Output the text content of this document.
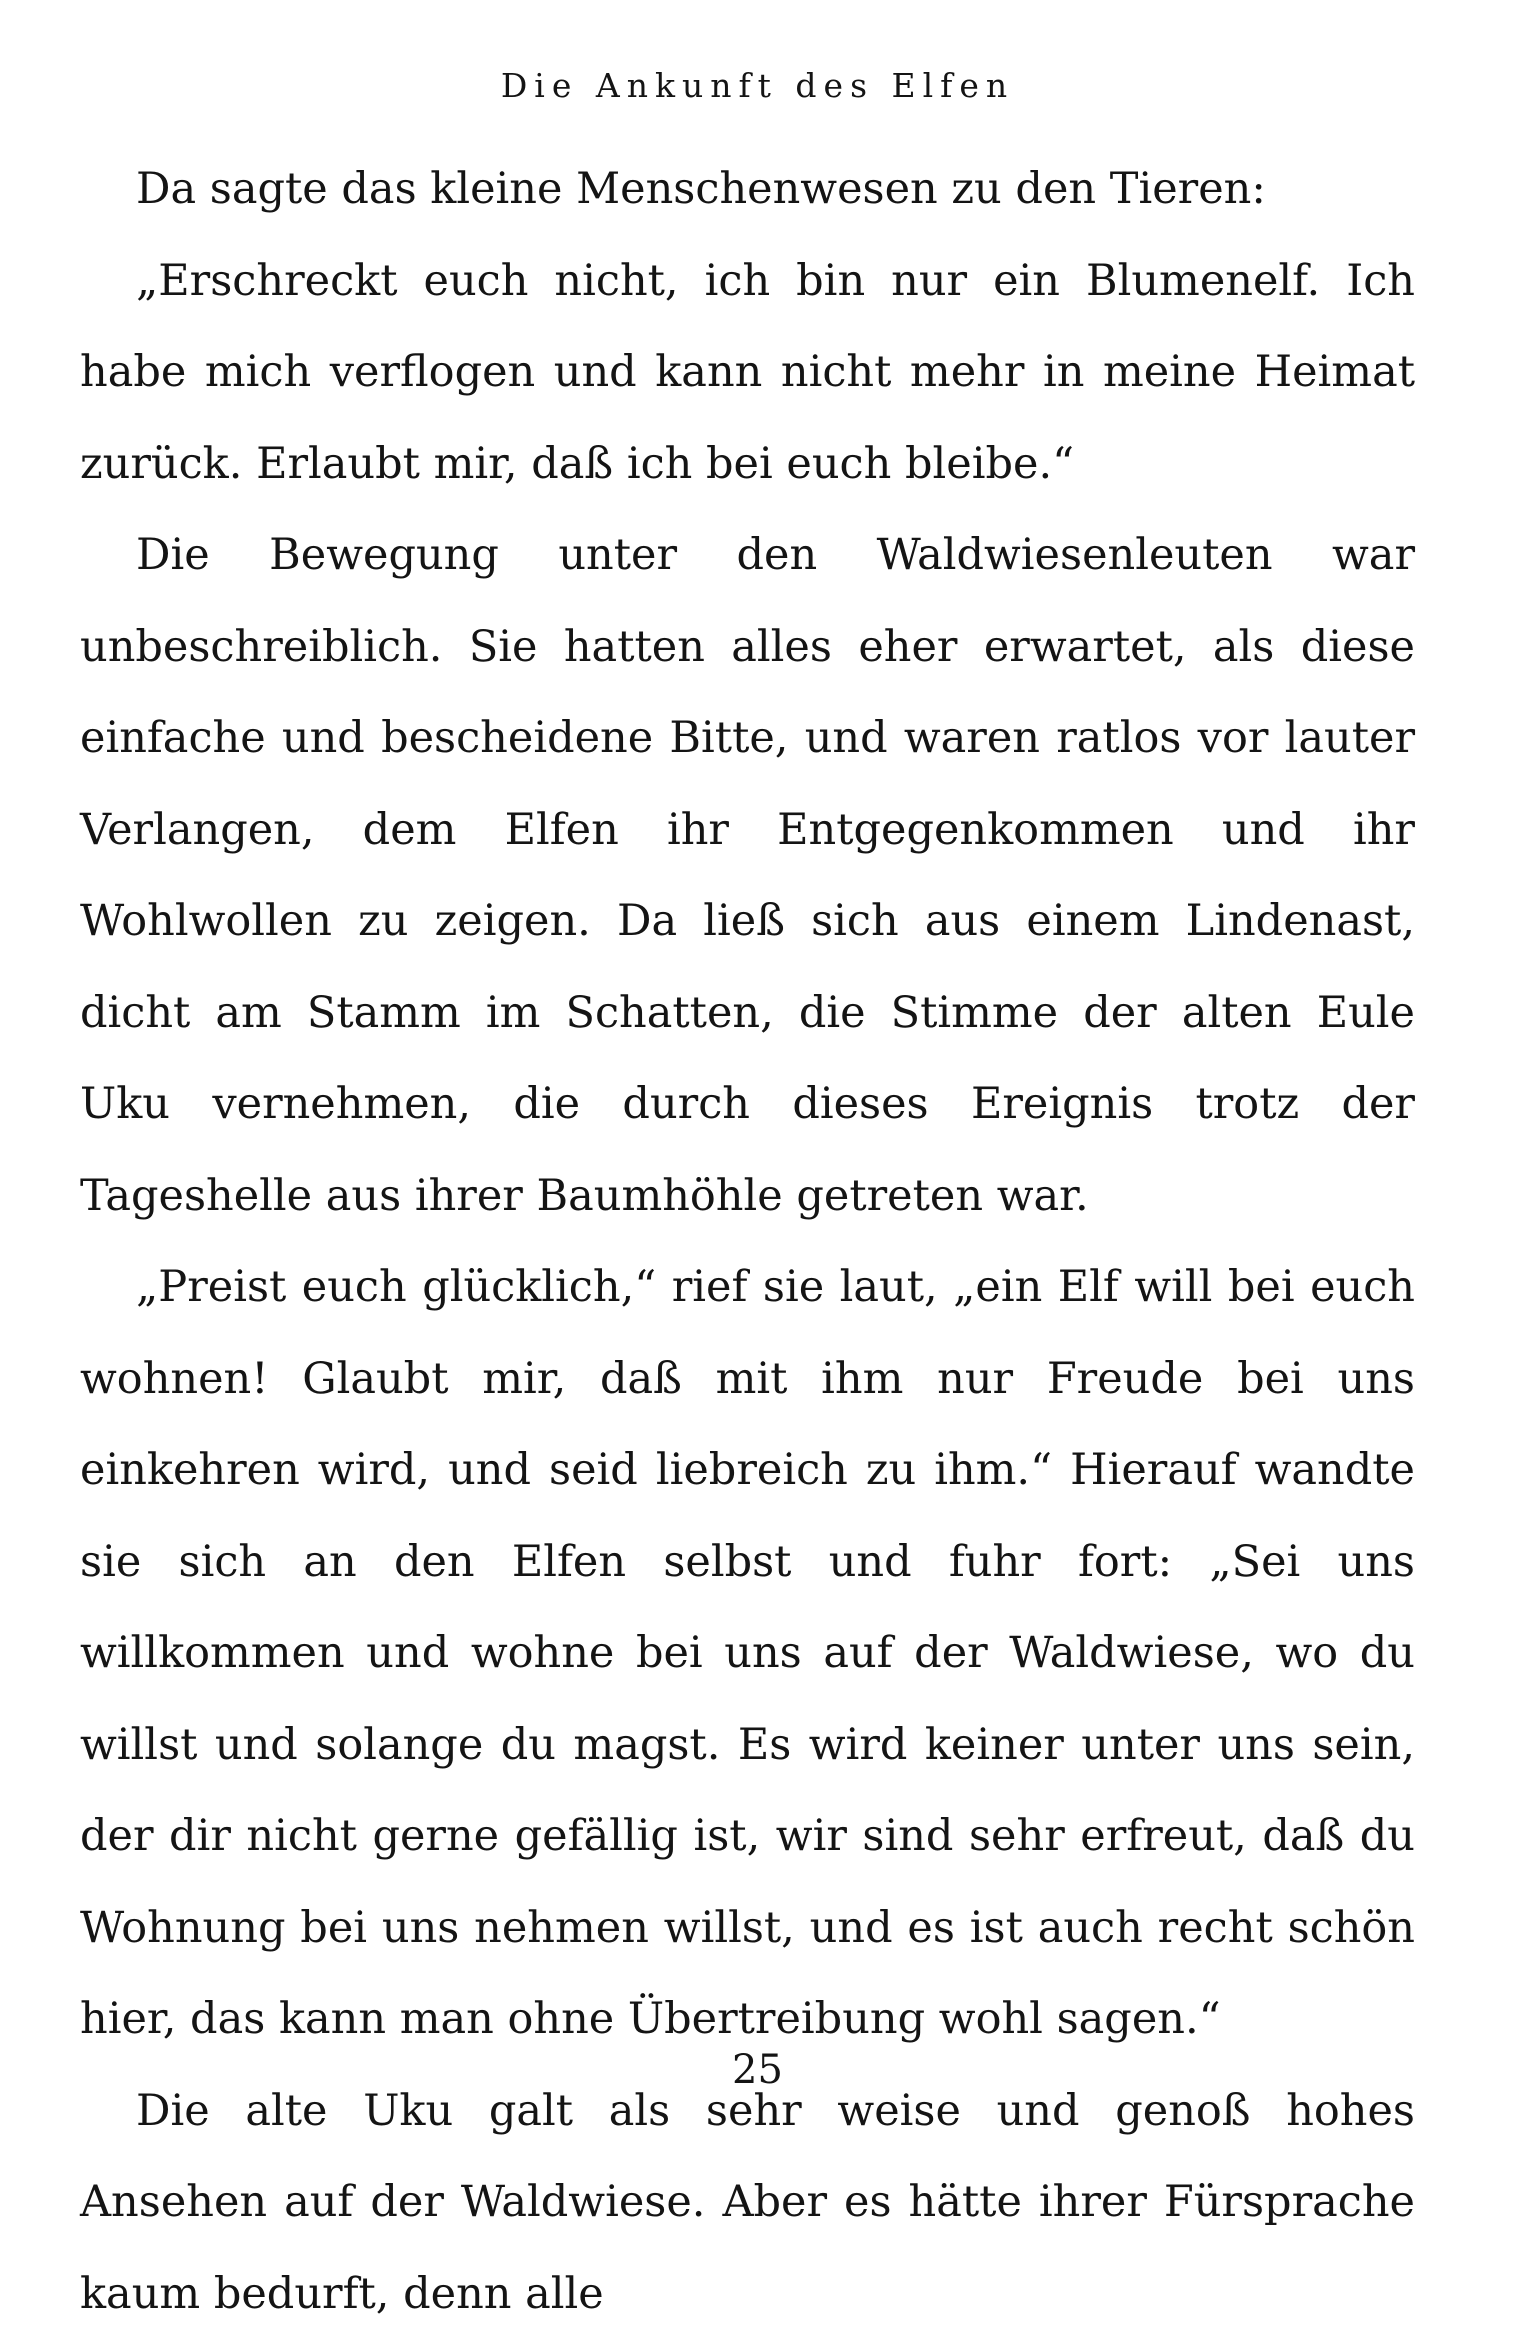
Die Ankunft des Elfen

Da sagte das kleine Menschenwesen zu den Tieren:

„Erschreckt euch nicht, ich bin nur ein Blumenelf. Ich habe mich verflogen und kann nicht mehr in meine Heimat zurück. Erlaubt mir, daß ich bei euch bleibe.“

Die Bewegung unter den Waldwiesenleuten war unbeschreiblich. Sie hatten alles eher erwartet, als diese einfache und bescheidene Bitte, und waren ratlos vor lauter Verlangen, dem Elfen ihr Entgegenkommen und ihr Wohlwollen zu zeigen. Da ließ sich aus einem Lindenast, dicht am Stamm im Schatten, die Stimme der alten Eule Uku vernehmen, die durch dieses Ereignis trotz der Tageshelle aus ihrer Baumhöhle getreten war.

„Preist euch glücklich,“ rief sie laut, „ein Elf will bei euch wohnen! Glaubt mir, daß mit ihm nur Freude bei uns einkehren wird, und seid liebreich zu ihm.“ Hierauf wandte sie sich an den Elfen selbst und fuhr fort: „Sei uns willkommen und wohne bei uns auf der Waldwiese, wo du willst und solange du magst. Es wird keiner unter uns sein, der dir nicht gerne gefällig ist, wir sind sehr erfreut, daß du Wohnung bei uns nehmen willst, und es ist auch recht schön hier, das kann man ohne Übertreibung wohl sagen.“

Die alte Uku galt als sehr weise und genoß hohes Ansehen auf der Waldwiese. Aber es hätte ihrer Fürsprache kaum bedurft, denn alle

25
